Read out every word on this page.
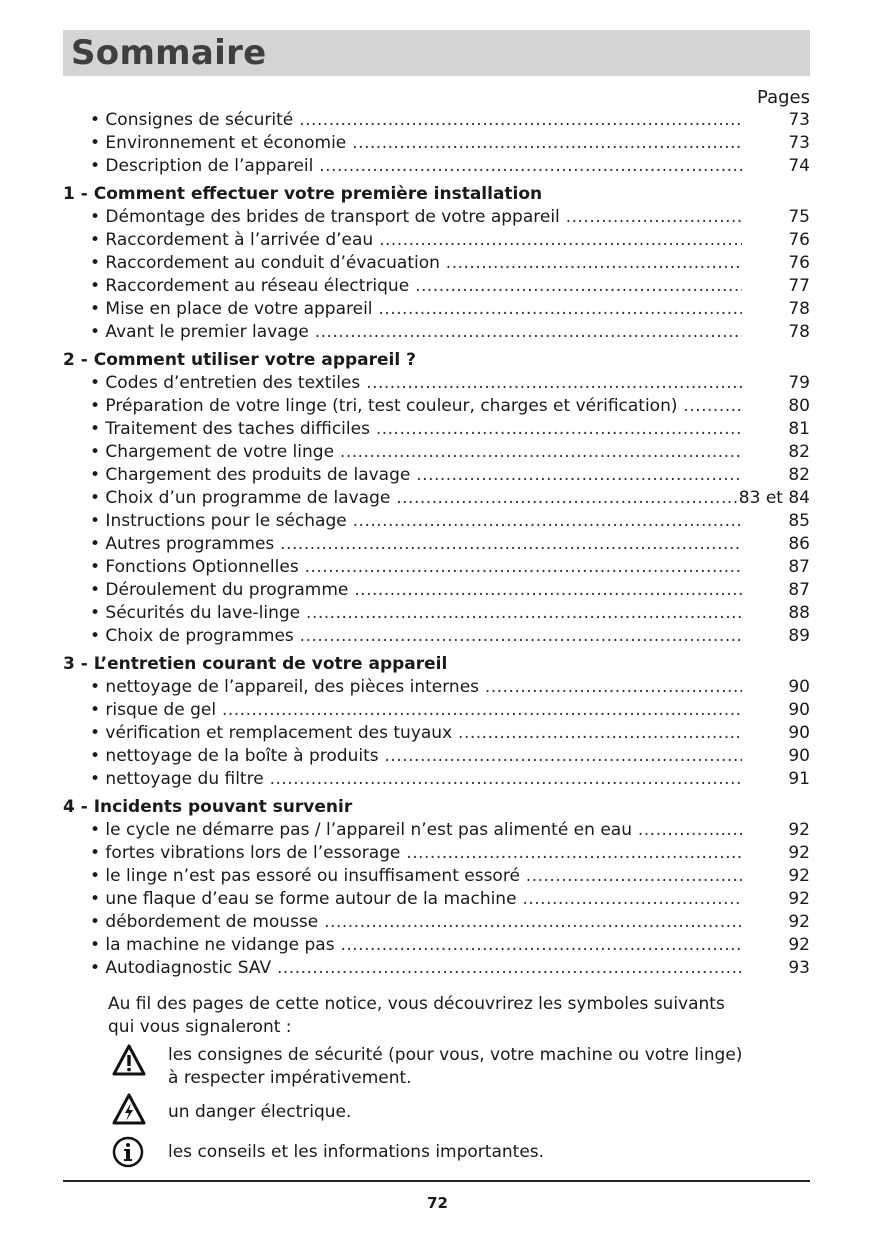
Sommaire
Pages
• Consignes de sécurité .....	73
• Environnement et économie .....	73
• Description de l’appareil .....	74
1 - Comment effectuer votre première installation
• Démontage des brides de transport de votre appareil .....	75
• Raccordement à l’arrivée d’eau .....	76
• Raccordement au conduit d’évacuation .....	76
• Raccordement au réseau électrique .....	77
• Mise en place de votre appareil .....	78
• Avant le premier lavage .....	78
2 - Comment utiliser votre appareil ?
• Codes d’entretien des textiles .....	79
• Préparation de votre linge (tri, test couleur, charges et vérification) .....	80
• Traitement des taches difficiles .....	81
• Chargement de votre linge .....	82
• Chargement des produits de lavage .....	82
• Choix d’un programme de lavage .....	83 et 84
• Instructions pour le séchage .....	85
• Autres programmes .....	86
• Fonctions Optionnelles .....	87
• Déroulement du programme .....	87
• Sécurités du lave-linge .....	88
• Choix de programmes .....	89
3 - L’entretien courant de votre appareil
• nettoyage de l’appareil, des pièces internes .....	90
• risque de gel .....	90
• vérification et remplacement des tuyaux .....	90
• nettoyage de la boîte à produits .....	90
• nettoyage du filtre .....	91
4 - Incidents pouvant survenir
• le cycle ne démarre pas / l’appareil n’est pas alimenté en eau .....	92
• fortes vibrations lors de l’essorage .....	92
• le linge n’est pas essoré ou insuffisament essoré .....	92
• une flaque d’eau se forme autour de la machine .....	92
• débordement de mousse .....	92
• la machine ne vidange pas .....	92
• Autodiagnostic SAV .....	93
Au fil des pages de cette notice, vous découvrirez les symboles suivants
qui vous signaleront :
les consignes de sécurité (pour vous, votre machine ou votre linge)
à respecter impérativement.
un danger électrique.
les conseils et les informations importantes.
72
